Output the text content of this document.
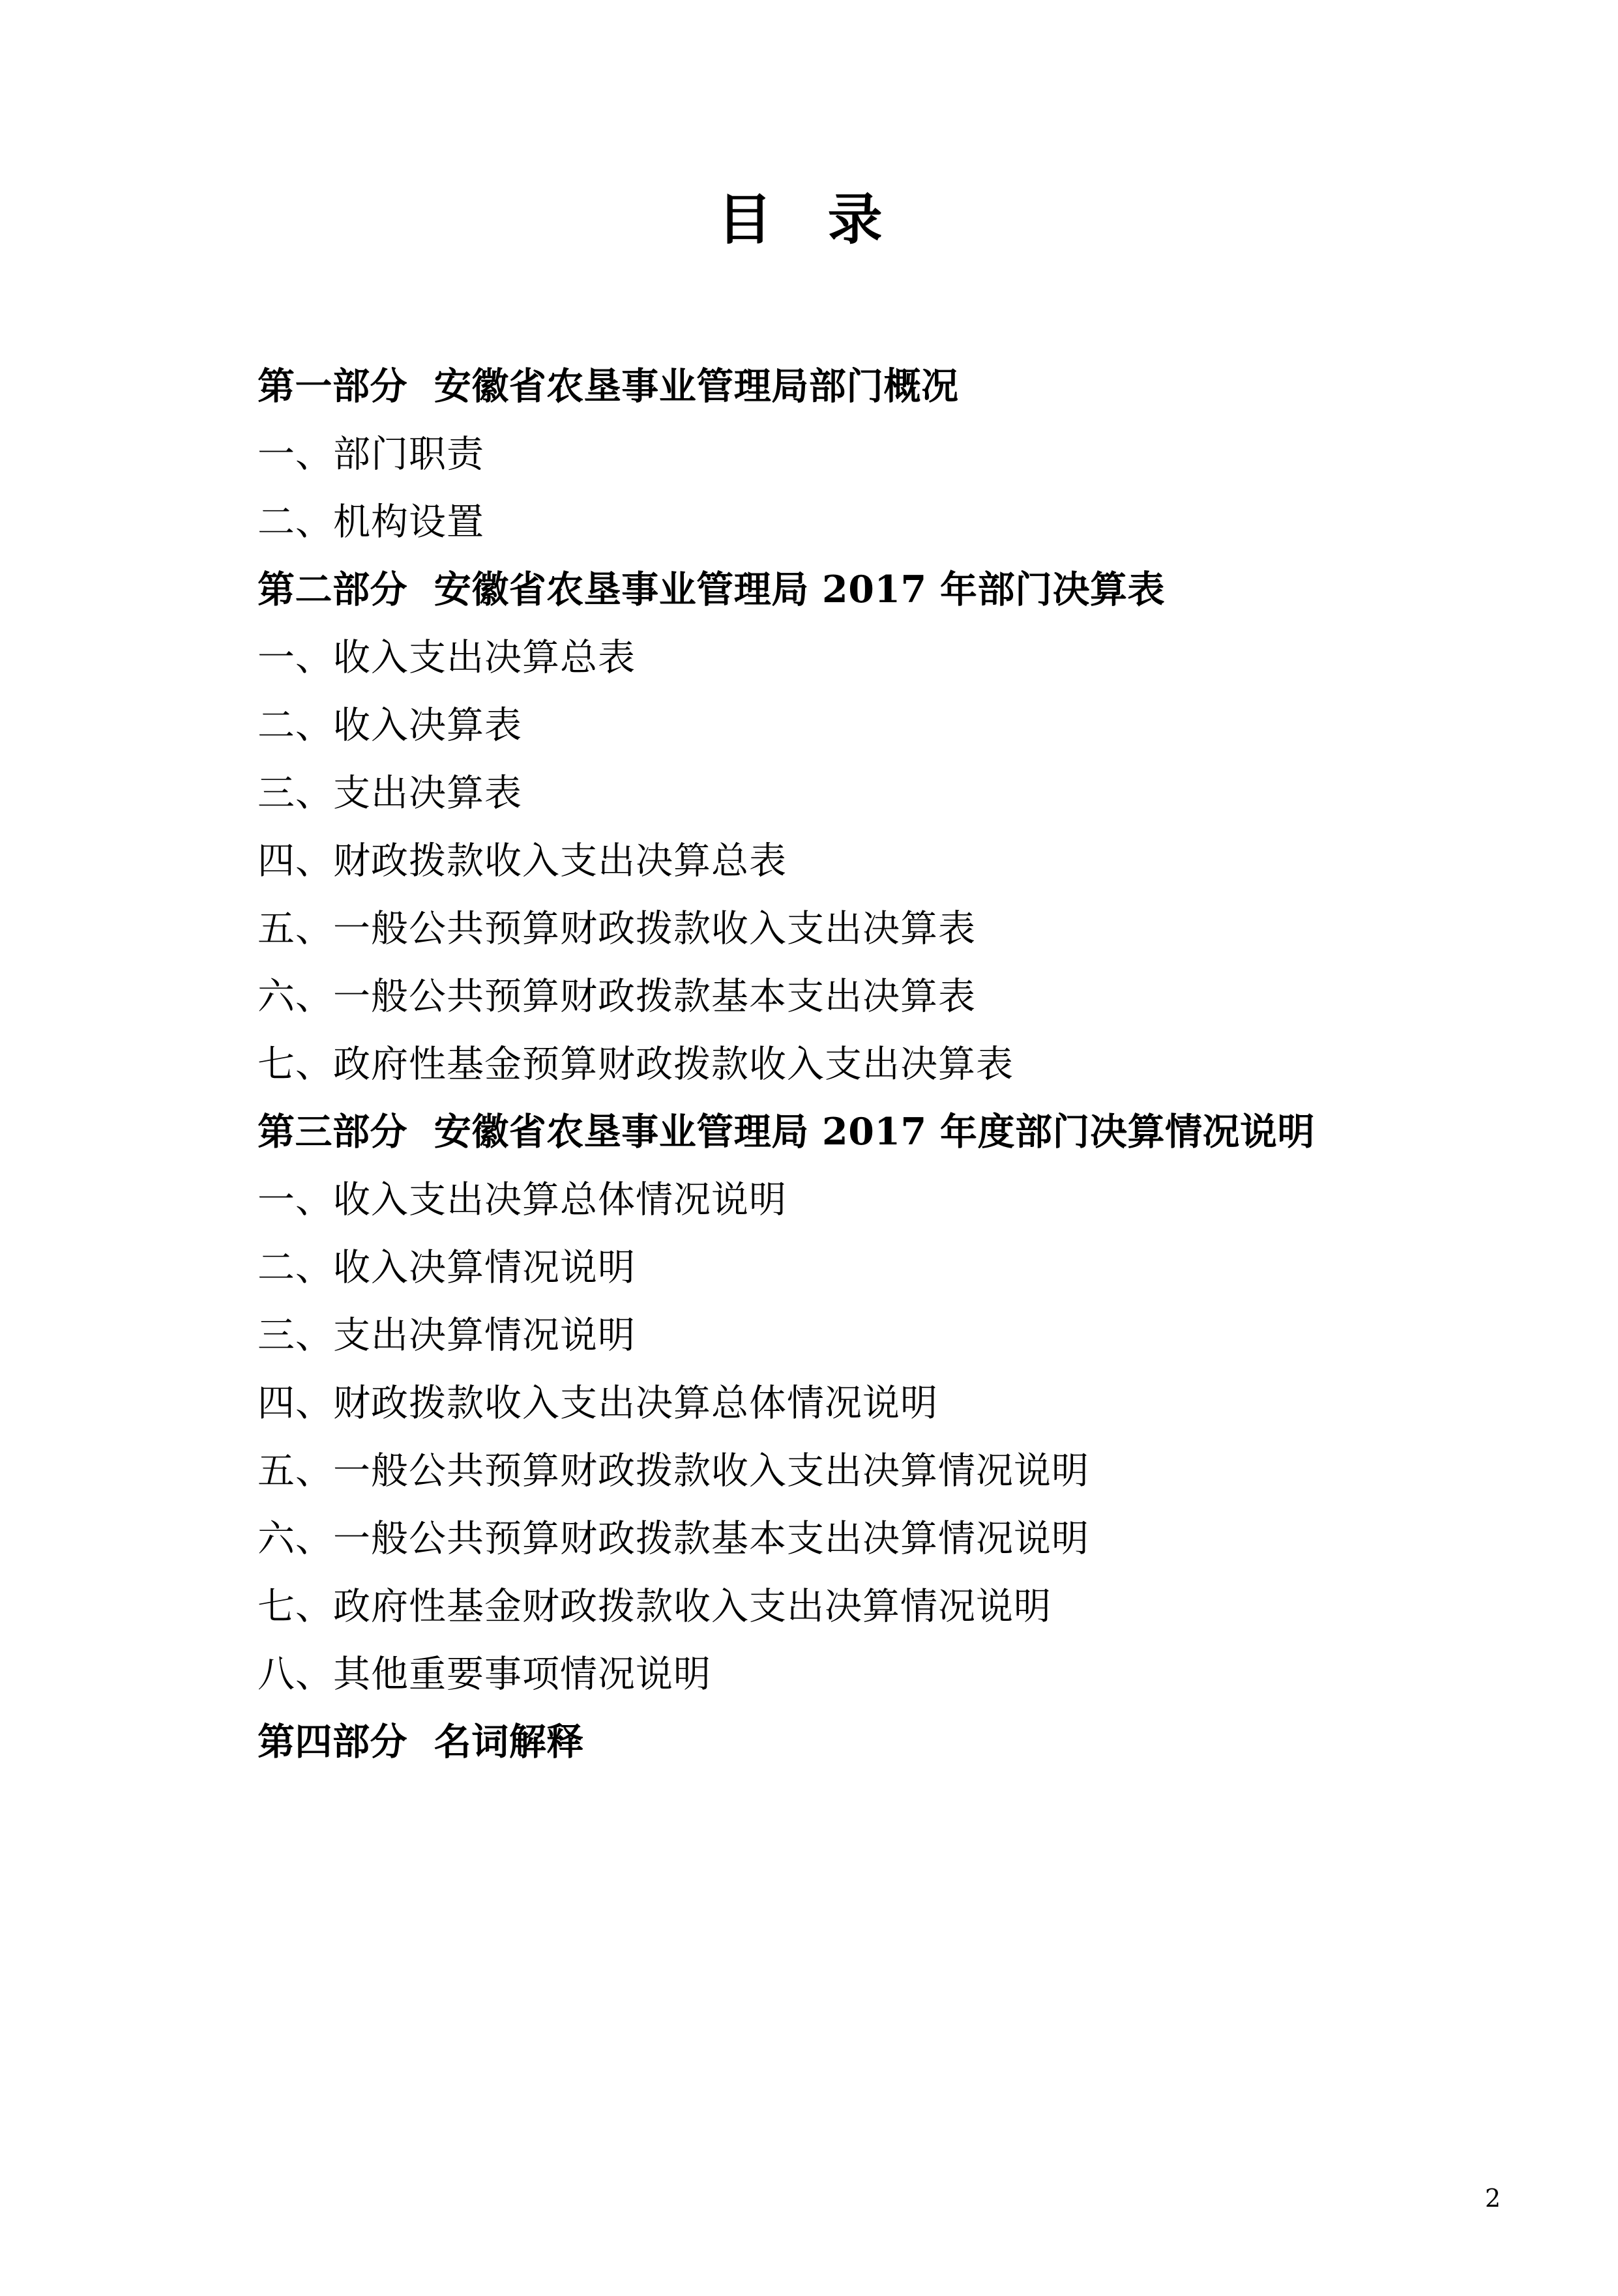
目 录
第一部分  安徽省农垦事业管理局部门概况
一、部门职责
二、机构设置
第二部分  安徽省农垦事业管理局 2017 年部门决算表
一、收入支出决算总表
二、收入决算表
三、支出决算表
四、财政拨款收入支出决算总表
五、一般公共预算财政拨款收入支出决算表
六、一般公共预算财政拨款基本支出决算表
七、政府性基金预算财政拨款收入支出决算表
第三部分  安徽省农垦事业管理局 2017 年度部门决算情况说明
一、收入支出决算总体情况说明
二、收入决算情况说明
三、支出决算情况说明
四、财政拨款收入支出决算总体情况说明
五、一般公共预算财政拨款收入支出决算情况说明
六、一般公共预算财政拨款基本支出决算情况说明
七、政府性基金财政拨款收入支出决算情况说明
八、其他重要事项情况说明
第四部分  名词解释
2
